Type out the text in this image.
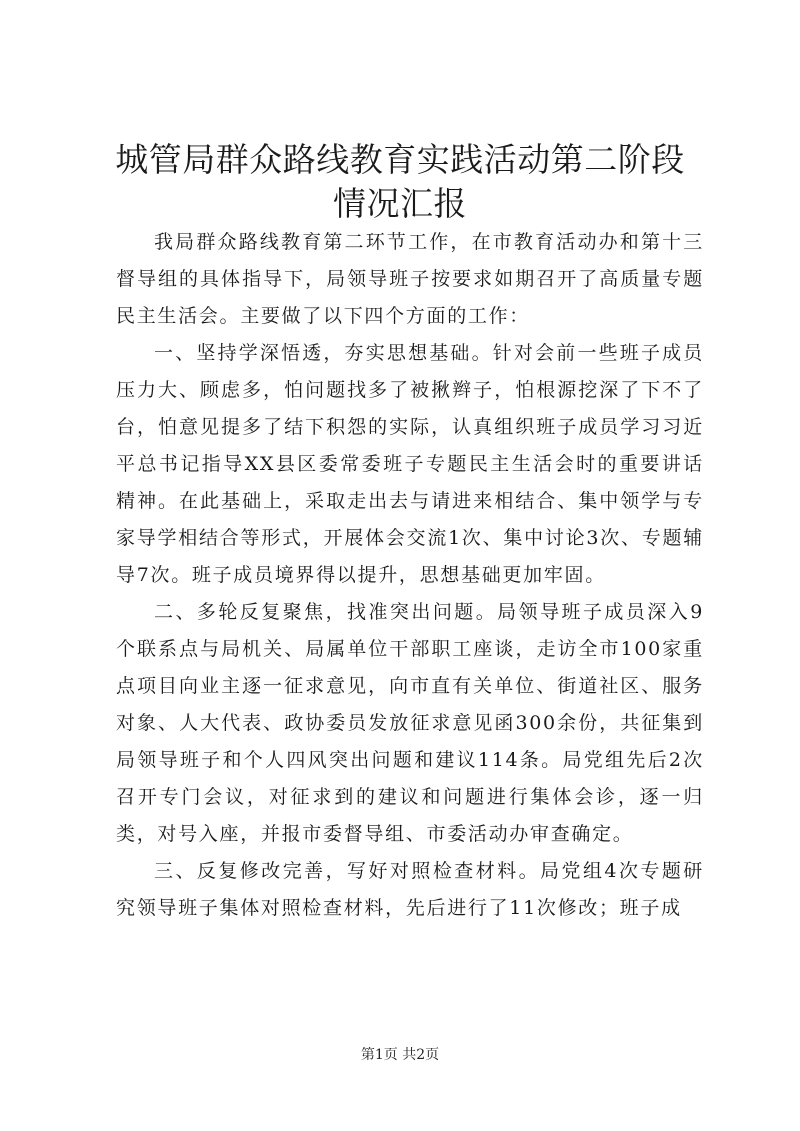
城管局群众路线教育实践活动第二阶段情况汇报

我局群众路线教育第二环节工作，在市教育活动办和第十三督导组的具体指导下，局领导班子按要求如期召开了高质量专题民主生活会。主要做了以下四个方面的工作：

一、坚持学深悟透，夯实思想基础。针对会前一些班子成员压力大、顾虑多，怕问题找多了被揪辫子，怕根源挖深了下不了台，怕意见提多了结下积怨的实际，认真组织班子成员学习习近平总书记指导XX县区委常委班子专题民主生活会时的重要讲话精神。在此基础上，采取走出去与请进来相结合、集中领学与专家导学相结合等形式，开展体会交流1次、集中讨论3次、专题辅导7次。班子成员境界得以提升，思想基础更加牢固。

二、多轮反复聚焦，找准突出问题。局领导班子成员深入9个联系点与局机关、局属单位干部职工座谈，走访全市100家重点项目向业主逐一征求意见，向市直有关单位、街道社区、服务对象、人大代表、政协委员发放征求意见函300余份，共征集到局领导班子和个人四风突出问题和建议114条。局党组先后2次召开专门会议，对征求到的建议和问题进行集体会诊，逐一归类，对号入座，并报市委督导组、市委活动办审查确定。

三、反复修改完善，写好对照检查材料。局党组4次专题研究领导班子集体对照检查材料，先后进行了11次修改；班子成

第1页 共2页
